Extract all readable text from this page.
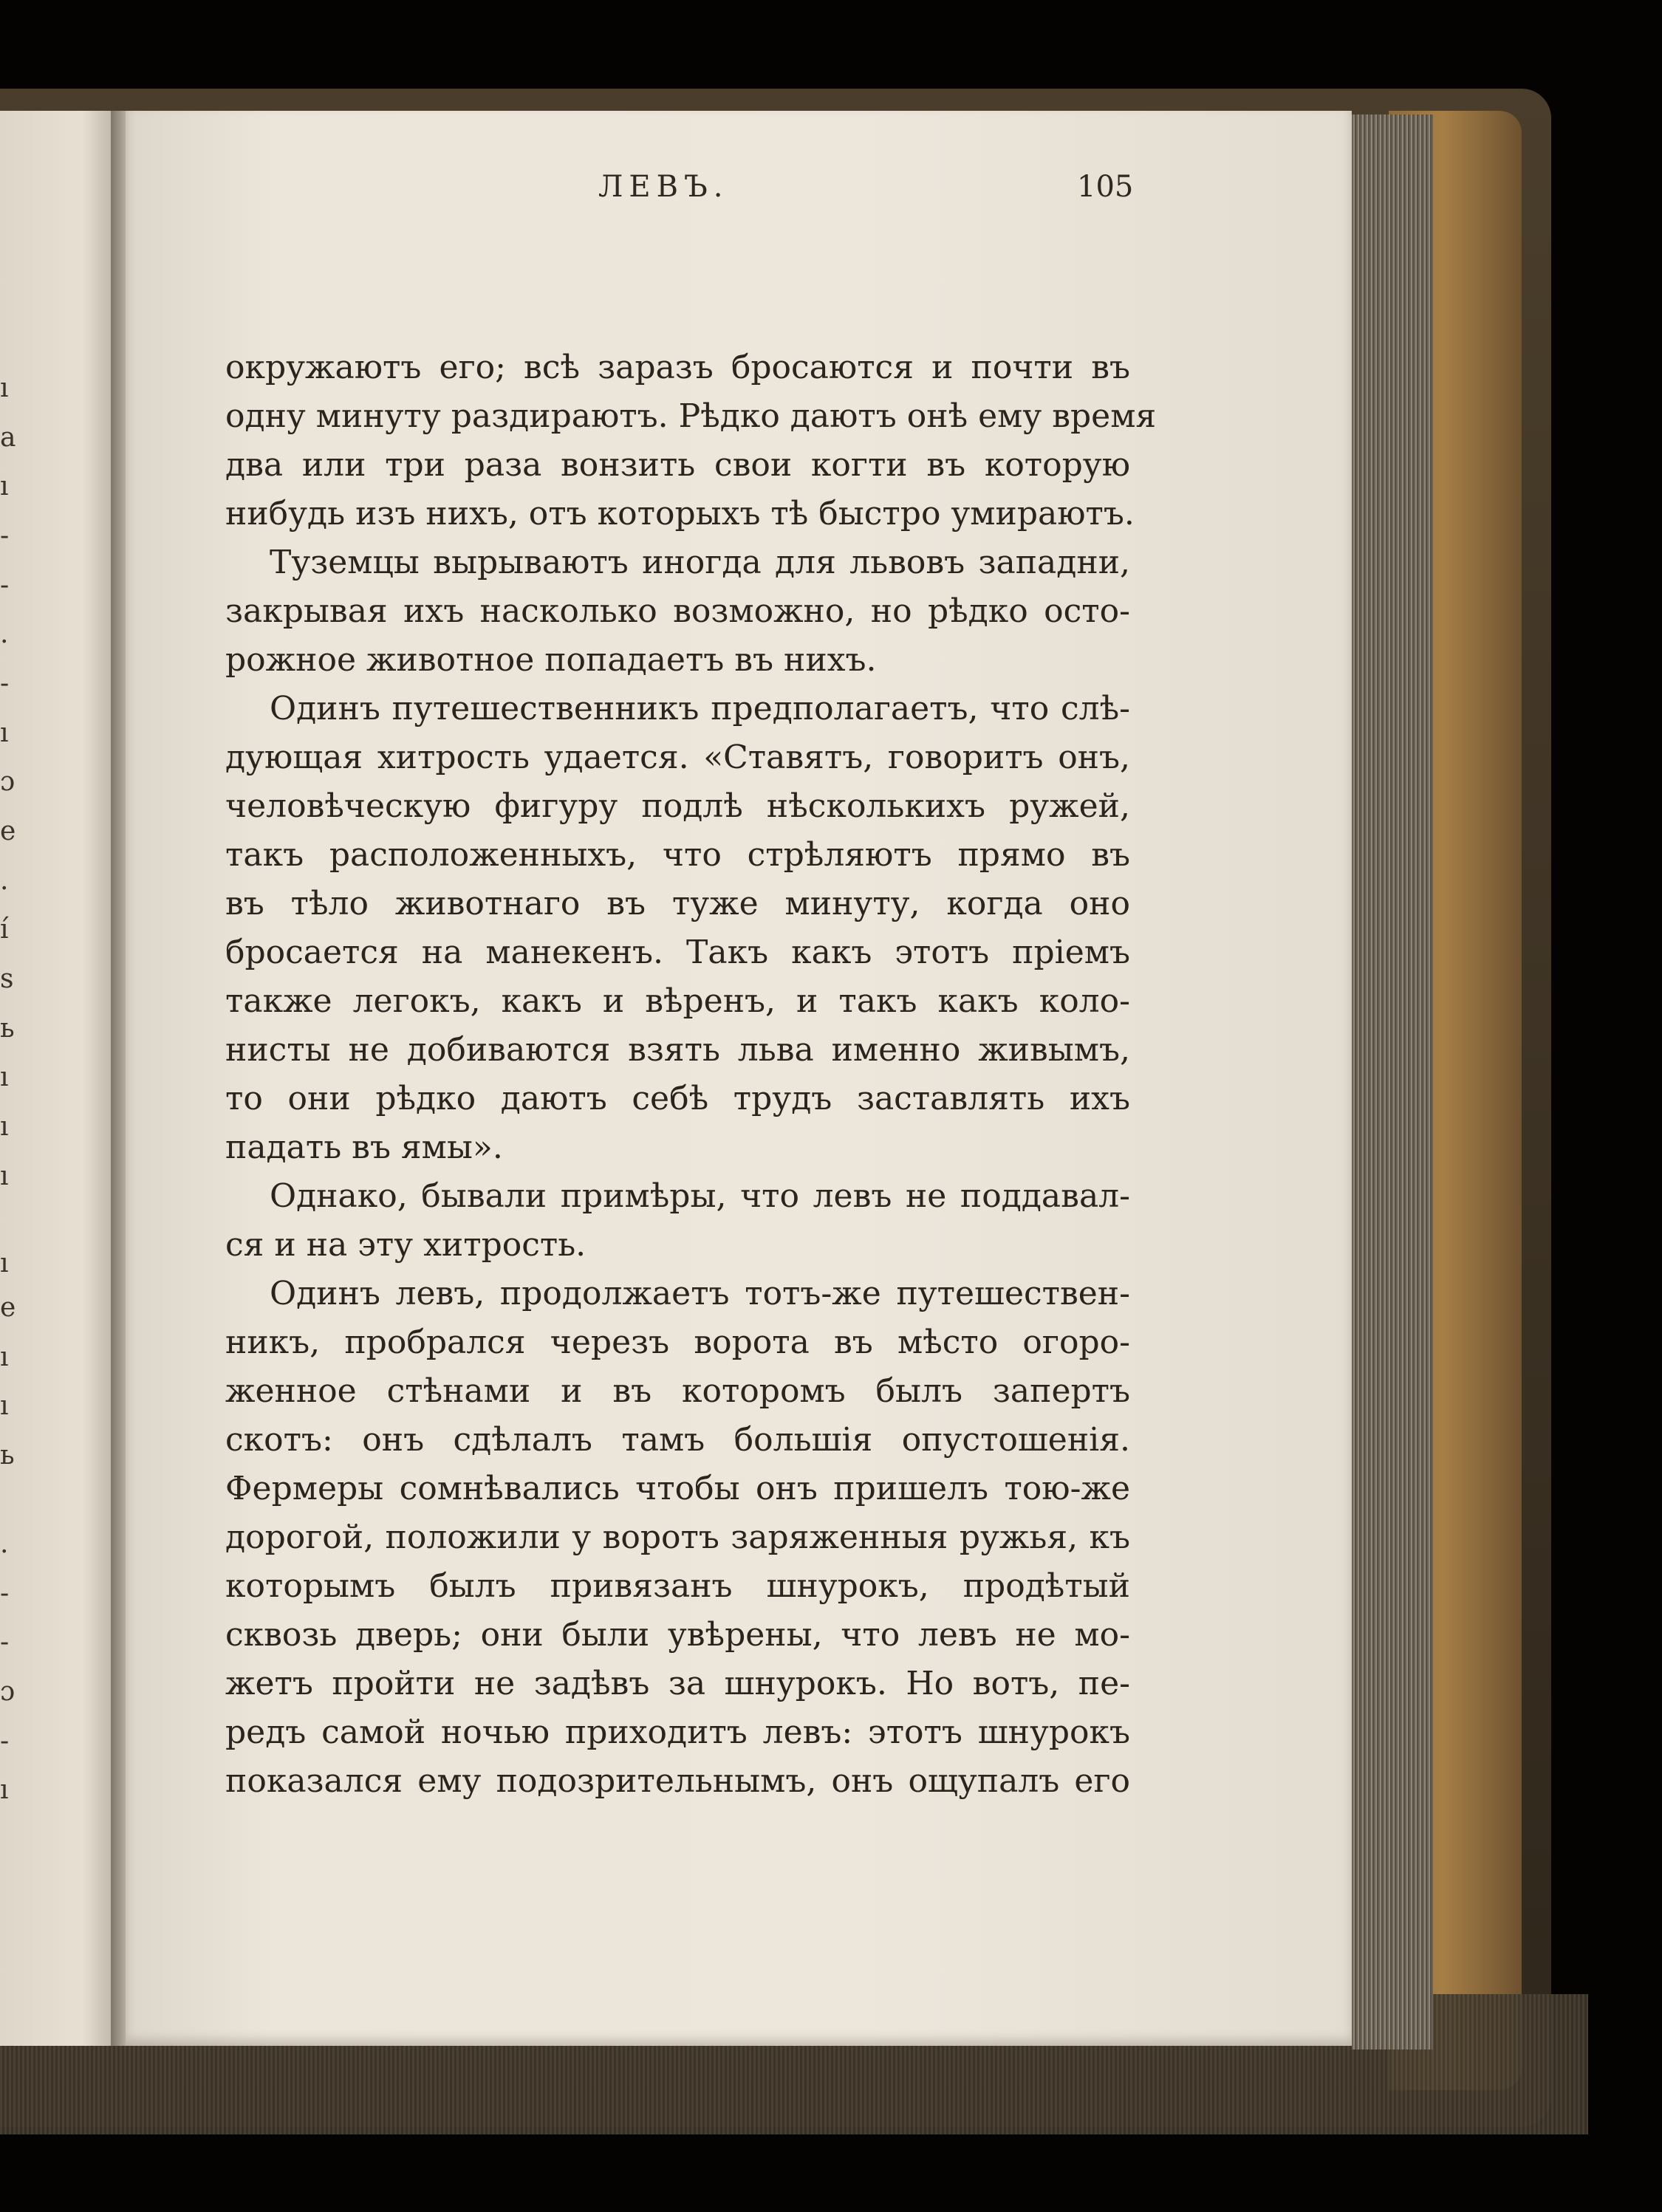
ı
a
ı
-
-
.
-
ı
ɔ
e
.
í
s
ь
ı
ı
ı
ı
e
ı
ı
ь
.
-
-
ɔ
-
ı
ЛЕВЪ.	105
окружаютъ его; всѣ заразъ бросаются и почти въ
одну минуту раздираютъ. Рѣдко даютъ онѣ ему время
два или три раза вонзить свои когти въ которую
нибудь изъ нихъ, отъ которыхъ тѣ быстро умираютъ.
Туземцы вырываютъ иногда для львовъ западни,
закрывая ихъ насколько возможно, но рѣдко осто-
рожное животное попадаетъ въ нихъ.
Одинъ путешественникъ предполагаетъ, что слѣ-
дующая хитрость удается. «Ставятъ, говоритъ онъ,
человѣческую фигуру подлѣ нѣсколькихъ ружей,
такъ расположенныхъ, что стрѣляютъ прямо въ
въ тѣло животнаго въ туже минуту, когда оно
бросается на манекенъ. Такъ какъ этотъ пріемъ
также легокъ, какъ и вѣренъ, и такъ какъ коло-
нисты не добиваются взять льва именно живымъ,
то они рѣдко даютъ себѣ трудъ заставлять ихъ
падать въ ямы».
Однако, бывали примѣры, что левъ не поддавал-
ся и на эту хитрость.
Одинъ левъ, продолжаетъ тотъ-же путешествен-
никъ, пробрался черезъ ворота въ мѣсто огоро-
женное стѣнами и въ которомъ былъ запертъ
скотъ: онъ сдѣлалъ тамъ большія опустошенія.
Фермеры сомнѣвались чтобы онъ пришелъ тою-же
дорогой, положили у воротъ заряженныя ружья, къ
которымъ былъ привязанъ шнурокъ, продѣтый
сквозь дверь; они были увѣрены, что левъ не мо-
жетъ пройти не задѣвъ за шнурокъ. Но вотъ, пе-
редъ самой ночью приходитъ левъ: этотъ шнурокъ
показался ему подозрительнымъ, онъ ощупалъ его
